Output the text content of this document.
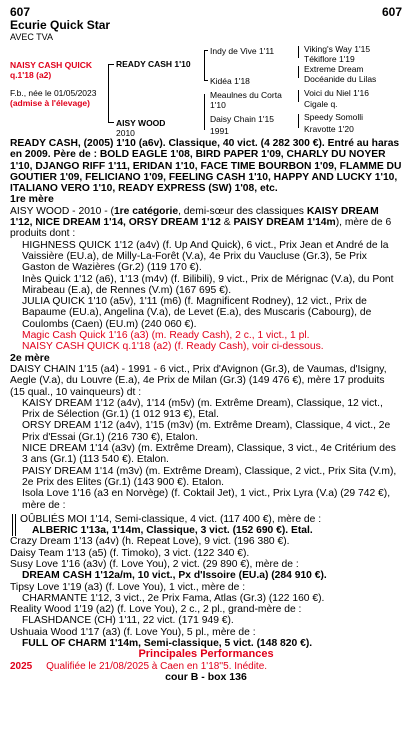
607	607
Ecurie Quick Star
AVEC TVA
NAISY CASH QUICK
q.1'18 (a2)
F.b., née le 01/05/2023
(admise à l'élevage)
READY CASH 1'10
AISY WOOD
2010
Indy de Vive 1'11
Kidéa 1'18
Meaulnes du Corta
1'10
Daisy Chain 1'15
1991
Viking's Way 1'15
Tékiflore 1'19
Extreme Dream
Docéanide du Lilas
Voici du Niel 1'16
Cigale q.
Speedy Somolli
Kravotte 1'20

READY CASH, (2005) 1'10 (a6v). Classique, 40 vict. (4 282 300 €). Entré au haras en 2009. Père de : BOLD EAGLE 1'08, BIRD PAPER 1'09, CHARLY DU NOYER 1'10, DJANGO RIFF 1'11, ERIDAN 1'10, FACE TIME BOURBON 1'09, FLAMME DU GOUTIER 1'09, FELICIANO 1'09, FEELING CASH 1'10, HAPPY AND LUCKY 1'10, ITALIANO VERO 1'10, READY EXPRESS (SW) 1'08, etc.

1re mère

AISY WOOD - 2010 - (1re catégorie, demi-sœur des classiques KAISY DREAM 1'12, NICE DREAM 1'14, ORSY DREAM 1'12 & PAISY DREAM 1'14m), mère de 6 produits dont :

HIGHNESS QUICK 1'12 (a4v) (f. Up And Quick), 6 vict., Prix Jean et André de la Vaissière (EU.a), de Milly-La-Forêt (V.a), 4e Prix du Vaucluse (Gr.3), 5e Prix Gaston de Wazières (Gr.2) (119 170 €).

Inès Quick 1'12 (a6), 1'13 (m4v) (f. Bilibili), 9 vict., Prix de Mérignac (V.a), du Pont Mirabeau (E.a), de Rennes (V.m) (167 695 €).

JULIA QUICK 1'10 (a5v), 1'11 (m6) (f. Magnificent Rodney), 12 vict., Prix de Bapaume (EU.a), Angelina (V.a), de Levet (E.a), des Muscaris (Cabourg), de Coulombs (Caen) (EU.m) (240 060 €).

Magic Cash Quick 1'16 (a3) (m. Ready Cash), 2 c., 1 vict., 1 pl.

NAISY CASH QUICK q.1'18 (a2) (f. Ready Cash), voir ci-dessous.

2e mère

DAISY CHAIN 1'15 (a4) - 1991 - 6 vict., Prix d'Avignon (Gr.3), de Vaumas, d'Isigny, Aegle (V.a), du Louvre (E.a), 4e Prix de Milan (Gr.3) (149 476 €), mère 17 produits (15 qual., 10 vainqueurs) dt :

KAISY DREAM 1'12 (a4v), 1'14 (m5v) (m. Extrême Dream), Classique, 12 vict., Prix de Sélection (Gr.1) (1 012 913 €), Etal.

ORSY DREAM 1'12 (a4v), 1'15 (m3v) (m. Extrême Dream), Classique, 4 vict., 2e Prix d'Essai (Gr.1) (216 730 €), Etalon.

NICE DREAM 1'14 (a3v) (m. Extrême Dream), Classique, 3 vict., 4e Critérium des 3 ans (Gr.1) (113 540 €). Etalon.

PAISY DREAM 1'14 (m3v) (m. Extrême Dream), Classique, 2 vict., Prix Sita (V.m), 2e Prix des Elites (Gr.1) (143 900 €). Etalon.

Isola Love 1'16 (a3 en Norvège) (f. Coktail Jet), 1 vict., Prix Lyra (V.a) (29 742 €), mère de :

OÛBLIÉS MOI 1'14, Semi-classique, 4 vict. (117 400 €), mère de :

ALBERIC 1'13a, 1'14m, Classique, 3 vict. (152 690 €). Etal.

Crazy Dream 1'13 (a4v) (h. Repeat Love), 9 vict. (196 380 €).

Daisy Team 1'13 (a5) (f. Timoko), 3 vict. (122 340 €).

Susy Love 1'16 (a3v) (f. Love You), 2 vict. (29 890 €), mère de :

DREAM CASH 1'12a/m, 10 vict., Px d'Issoire (EU.a) (284 910 €).

Tipsy Love 1'19 (a3) (f. Love You), 1 vict., mère de :

CHARMANTE 1'12, 3 vict., 2e Prix Fama, Atlas (Gr.3) (122 160 €).

Reality Wood 1'19 (a2) (f. Love You), 2 c., 2 pl., grand-mère de :

FLASHDANCE (CH) 1'11, 22 vict. (171 949 €).

Ushuaia Wood 1'17 (a3) (f. Love You), 5 pl., mère de :

FULL OF CHARM 1'14m, Semi-classique, 5 vict. (148 820 €).

Principales Performances

2025 Qualifiée le 21/08/2025 à Caen en 1'18''5. Inédite.

cour B - box 136
